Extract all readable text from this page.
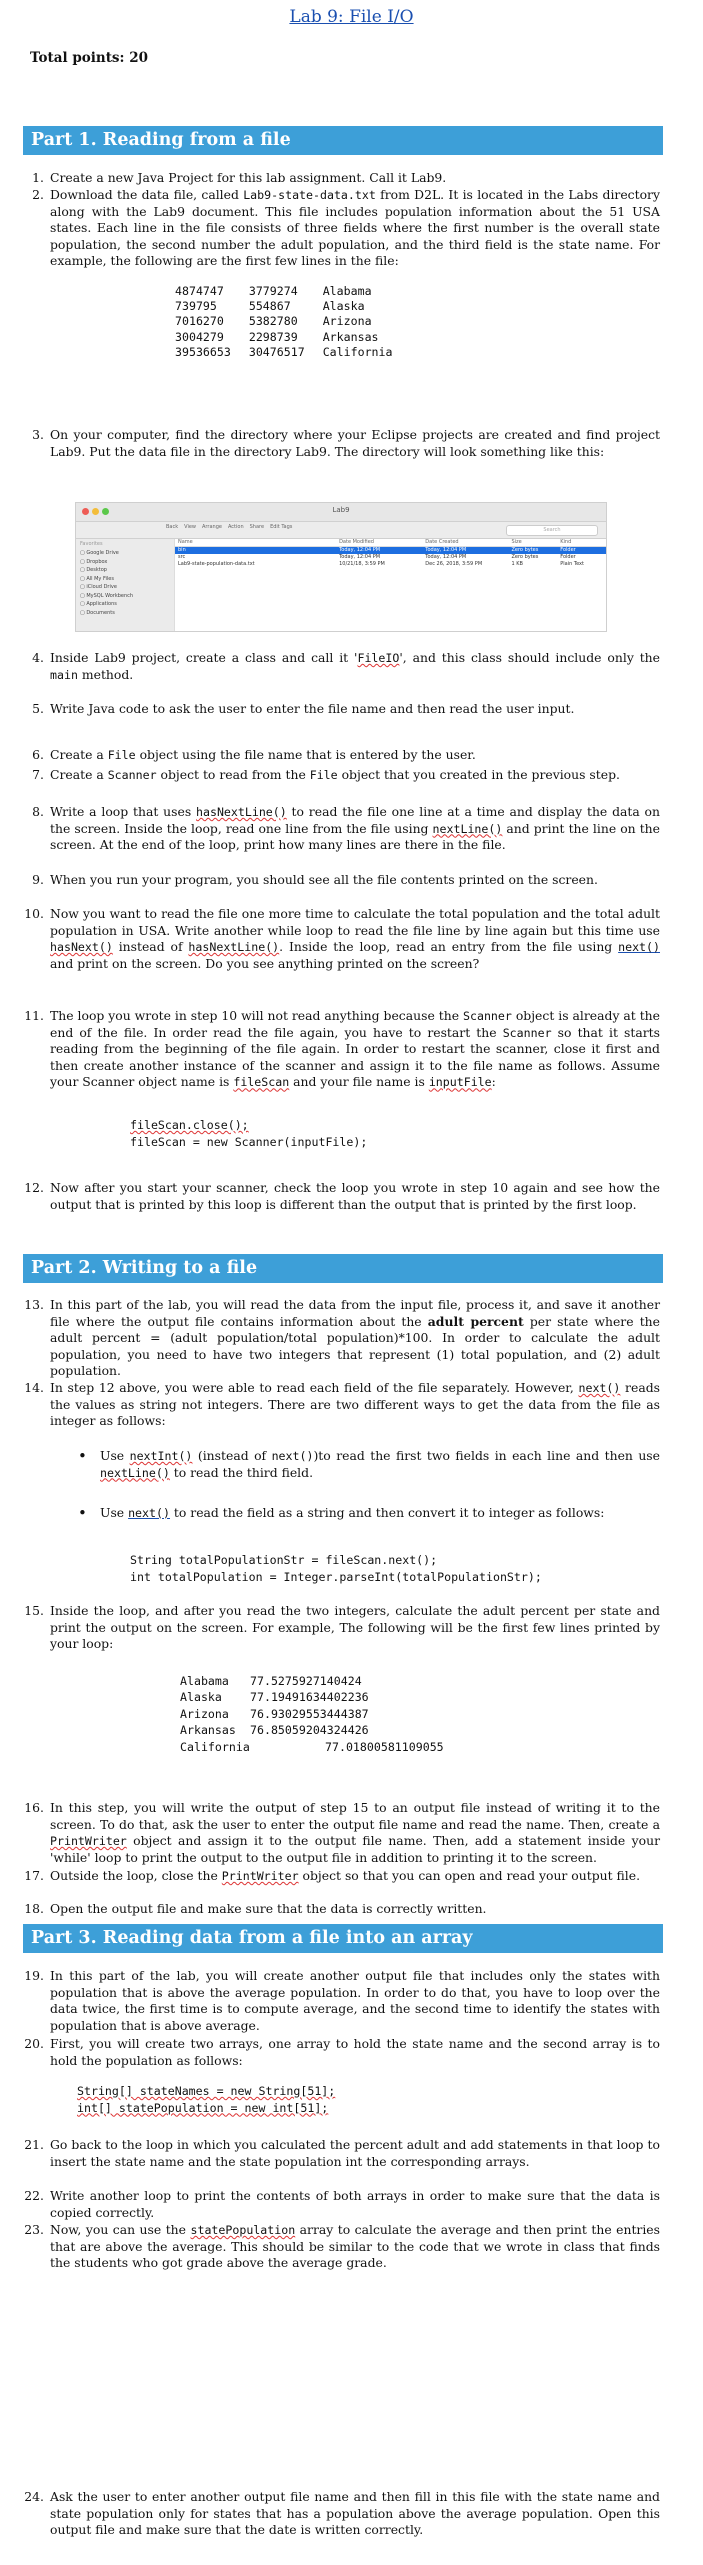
Lab 9: File I/O
Total points: 20
Part 1. Reading from a file
1. Create a new Java Project for this lab assignment. Call it Lab9.
2. Download the data file, called Lab9-state-data.txt from D2L. It is located in the Labs directory along with the Lab9 document. This file includes population information about the 51 USA states. Each line in the file consists of three fields where the first number is the overall state population, the second number the adult population, and the third field is the state name. For example, the following are the first few lines in the file:
4874747	3779274	Alabama
739795	554867	Alaska
7016270	5382780	Arizona
3004279	2298739	Arkansas
39536653	30476517	California
3. On your computer, find the directory where your Eclipse projects are created and find project Lab9. Put the data file in the directory Lab9. The directory will look something like this:
Lab9
Back View Arrange Action Share Edit Tags	Search
Favorites
▢ Google Drive
▢ Dropbox
▢ Desktop
▢ All My Files
▢ iCloud Drive
▢ MySQL Workbench
▢ Applications
▢ Documents
Name	Date Modified	Date Created	Size	Kind
bin	Today, 12:04 PM	Today, 12:04 PM	Zero bytes	Folder
src	Today, 12:04 PM	Today, 12:04 PM	Zero bytes	Folder
Lab9-state-population-data.txt	10/21/18, 3:59 PM	Dec 26, 2018, 3:59 PM	1 KB	Plain Text
4. Inside Lab9 project, create a class and call it 'FileIO', and this class should include only the main method.
5. Write Java code to ask the user to enter the file name and then read the user input.
6. Create a File object using the file name that is entered by the user.
7. Create a Scanner object to read from the File object that you created in the previous step.
8. Write a loop that uses hasNextLine() to read the file one line at a time and display the data on the screen. Inside the loop, read one line from the file using nextLine() and print the line on the screen. At the end of the loop, print how many lines are there in the file.
9. When you run your program, you should see all the file contents printed on the screen.
10. Now you want to read the file one more time to calculate the total population and the total adult population in USA. Write another while loop to read the file line by line again but this time use hasNext() instead of hasNextLine(). Inside the loop, read an entry from the file using next() and print on the screen. Do you see anything printed on the screen?
11. The loop you wrote in step 10 will not read anything because the Scanner object is already at the end of the file. In order read the file again, you have to restart the Scanner so that it starts reading from the beginning of the file again. In order to restart the scanner, close it first and then create another instance of the scanner and assign it to the file name as follows. Assume your Scanner object name is fileScan and your file name is inputFile:
fileScan.close();
fileScan = new Scanner(inputFile);
12. Now after you start your scanner, check the loop you wrote in step 10 again and see how the output that is printed by this loop is different than the output that is printed by the first loop.
Part 2. Writing to a file
13. In this part of the lab, you will read the data from the input file, process it, and save it another file where the output file contains information about the adult percent per state where the adult percent = (adult population/total population)*100. In order to calculate the adult population, you need to have two integers that represent (1) total population, and (2) adult population.
14. In step 12 above, you were able to read each field of the file separately. However, next() reads the values as string not integers. There are two different ways to get the data from the file as integer as follows:
• Use nextInt() (instead of next())to read the first two fields in each line and then use nextLine() to read the third field.
• Use next() to read the field as a string and then convert it to integer as follows:
String totalPopulationStr = fileScan.next();
int totalPopulation = Integer.parseInt(totalPopulationStr);
15. Inside the loop, and after you read the two integers, calculate the adult percent per state and print the output on the screen. For example, The following will be the first few lines printed by your loop:
Alabama 77.5275927140424
Alaska 77.19491634402236
Arizona 76.93029553444387
Arkansas 76.85059204324426
California	77.01800581109055
16. In this step, you will write the output of step 15 to an output file instead of writing it to the screen. To do that, ask the user to enter the output file name and read the name. Then, create a PrintWriter object and assign it to the output file name. Then, add a statement inside your 'while' loop to print the output to the output file in addition to printing it to the screen.
17. Outside the loop, close the PrintWriter object so that you can open and read your output file.
18. Open the output file and make sure that the data is correctly written.
Part 3. Reading data from a file into an array
19. In this part of the lab, you will create another output file that includes only the states with population that is above the average population. In order to do that, you have to loop over the data twice, the first time is to compute average, and the second time to identify the states with population that is above average.
20. First, you will create two arrays, one array to hold the state name and the second array is to hold the population as follows:
String[] stateNames = new String[51];
int[] statePopulation = new int[51];
21. Go back to the loop in which you calculated the percent adult and add statements in that loop to insert the state name and the state population int the corresponding arrays.
22. Write another loop to print the contents of both arrays in order to make sure that the data is copied correctly.
23. Now, you can use the statePopulation array to calculate the average and then print the entries that are above the average. This should be similar to the code that we wrote in class that finds the students who got grade above the average grade.
24. Ask the user to enter another output file name and then fill in this file with the state name and state population only for states that has a population above the average population. Open this output file and make sure that the date is written correctly.
